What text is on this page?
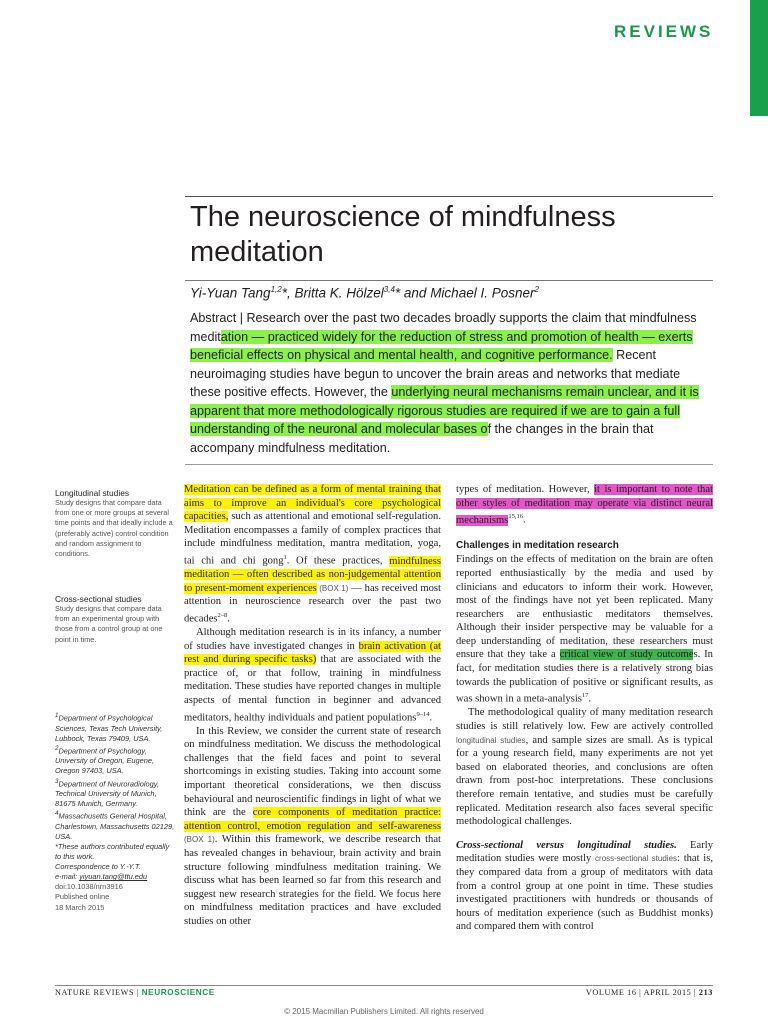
REVIEWS
The neuroscience of mindfulness meditation
Yi-Yuan Tang$^{1,2}$*, Britta K. Hölzel$^{3,4}$* and Michael I. Posner$^2$
Abstract | Research over the past two decades broadly supports the claim that mindfulness meditation — practiced widely for the reduction of stress and promotion of health — exerts beneficial effects on physical and mental health, and cognitive performance. Recent neuroimaging studies have begun to uncover the brain areas and networks that mediate these positive effects. However, the underlying neural mechanisms remain unclear, and it is apparent that more methodologically rigorous studies are required if we are to gain a full understanding of the neuronal and molecular bases of the changes in the brain that accompany mindfulness meditation.
Longitudinal studies
Study designs that compare data from one or more groups at several time points and that ideally include a (preferably active) control condition and random assignment to conditions.
Cross-sectional studies
Study designs that compare data from an experimental group with those from a control group at one point in time.
$^1$Department of Psychological Sciences, Texas Tech University, Lubbock, Texas 79409, USA.
$^2$Department of Psychology, University of Oregon, Eugene, Oregon 97403, USA.
$^3$Department of Neuroradiology, Technical University of Munich, 81675 Munich, Germany.
$^4$Massachusetts General Hospital, Charlestown, Massachusetts 02129, USA.
*These authors contributed equally to this work.
Correspondence to Y.-Y.T.
e-mail: yiyuan.tang@ttu.edu
doi:10.1038/nrn3916
Published online
18 March 2015

Meditation can be defined as a form of mental training that aims to improve an individual's core psychological capacities, such as attentional and emotional self-regulation. Meditation encompasses a family of complex practices that include mindfulness meditation, mantra meditation, yoga, tai chi and chi gong$^1$. Of these practices, mindfulness meditation — often described as non-judgemental attention to present-moment experiences (BOX 1) — has received most attention in neuroscience research over the past two decades$^{2-8}$.

Although meditation research is in its infancy, a number of studies have investigated changes in brain activation (at rest and during specific tasks) that are associated with the practice of, or that follow, training in mindfulness meditation. These studies have reported changes in multiple aspects of mental function in beginner and advanced meditators, healthy individuals and patient populations$^{9-14}$.

In this Review, we consider the current state of research on mindfulness meditation. We discuss the methodological challenges that the field faces and point to several shortcomings in existing studies. Taking into account some important theoretical considerations, we then discuss behavioural and neuroscientific findings in light of what we think are the core components of meditation practice: attention control, emotion regulation and self-awareness (BOX 1). Within this framework, we describe research that has revealed changes in behaviour, brain activity and brain structure following mindfulness meditation training. We discuss what has been learned so far from this research and suggest new research strategies for the field. We focus here on mindfulness meditation practices and have excluded studies on other

types of meditation. However, it is important to note that other styles of meditation may operate via distinct neural mechanisms$^{15,16}$.

Challenges in meditation research

Findings on the effects of meditation on the brain are often reported enthusiastically by the media and used by clinicians and educators to inform their work. However, most of the findings have not yet been replicated. Many researchers are enthusiastic meditators themselves. Although their insider perspective may be valuable for a deep understanding of meditation, these researchers must ensure that they take a critical view of study outcomes. In fact, for meditation studies there is a relatively strong bias towards the publication of positive or significant results, as was shown in a meta-analysis$^{17}$.

The methodological quality of many meditation research studies is still relatively low. Few are actively controlled longitudinal studies, and sample sizes are small. As is typical for a young research field, many experiments are not yet based on elaborated theories, and conclusions are often drawn from post-hoc interpretations. These conclusions therefore remain tentative, and studies must be carefully replicated. Meditation research also faces several specific methodological challenges.

Cross-sectional versus longitudinal studies. Early meditation studies were mostly cross-sectional studies: that is, they compared data from a group of meditators with data from a control group at one point in time. These studies investigated practitioners with hundreds or thousands of hours of meditation experience (such as Buddhist monks) and compared them with control

NATURE REVIEWS | NEUROSCIENCE	VOLUME 16 | APRIL 2015 | 213
© 2015 Macmillan Publishers Limited. All rights reserved
